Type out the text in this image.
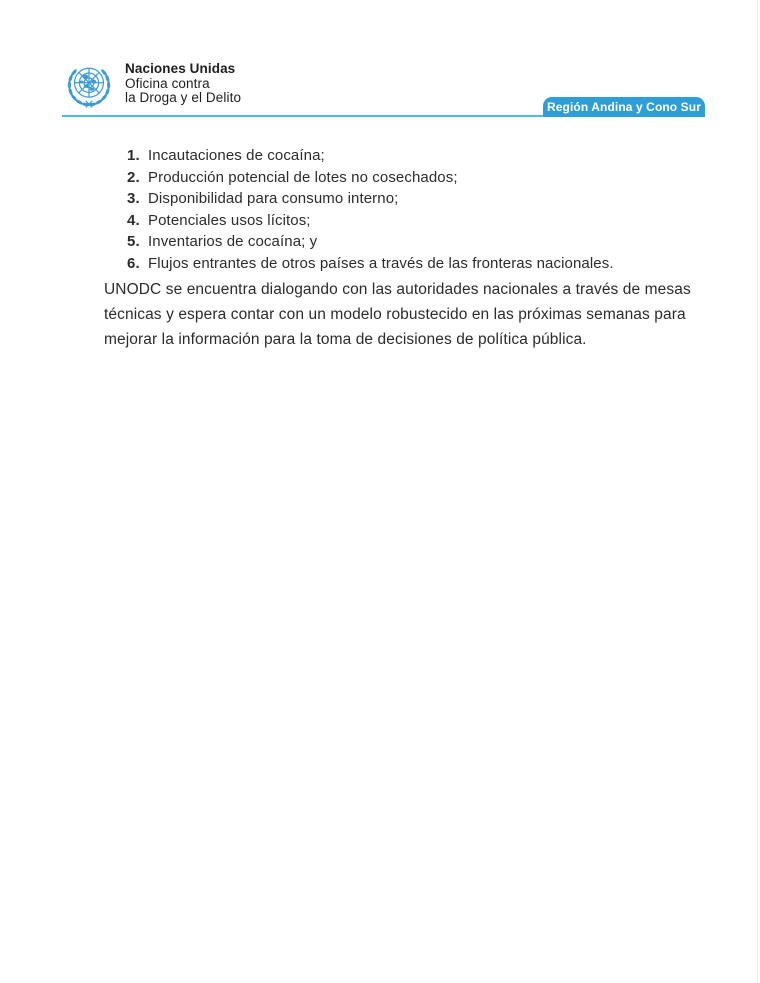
Naciones Unidas
Oficina contra
la Droga y el Delito
Región Andina y Cono Sur
1. Incautaciones de cocaína;
2. Producción potencial de lotes no cosechados;
3. Disponibilidad para consumo interno;
4. Potenciales usos lícitos;
5. Inventarios de cocaína; y
6. Flujos entrantes de otros países a través de las fronteras nacionales.
UNODC se encuentra dialogando con las autoridades nacionales a través de mesas
técnicas y espera contar con un modelo robustecido en las próximas semanas para
mejorar la información para la toma de decisiones de política pública.
